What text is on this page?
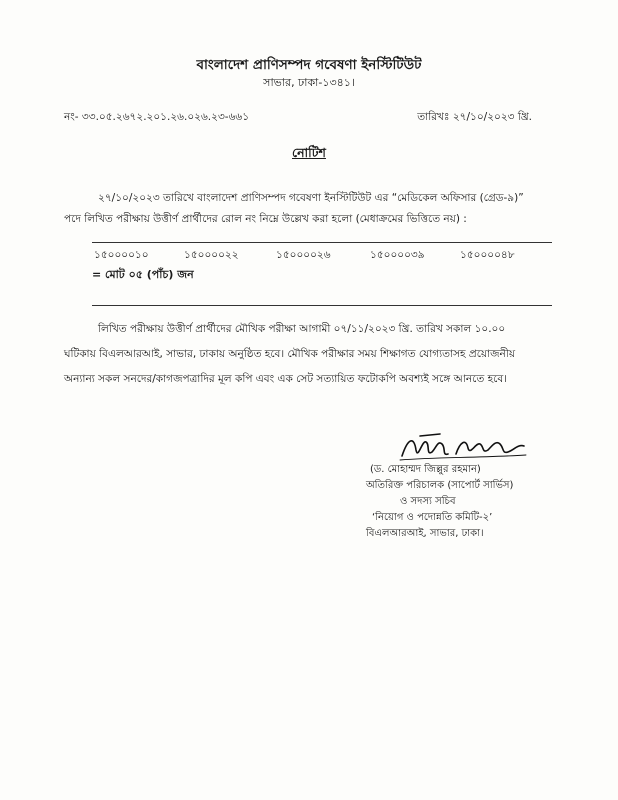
বাংলাদেশ প্রাণিসম্পদ গবেষণা ইনস্টিটিউট
সাভার, ঢাকা-১৩৪১।
নং- ৩৩.০৫.২৬৭২.২০১.২৬.০২৬.২৩-৬৬১	তারিখঃ ২৭/১০/২০২৩ খ্রি.
নোটিশ
২৭/১০/২০২৩ তারিখে বাংলাদেশ প্রাণিসম্পদ গবেষণা ইনস্টিটিউট এর “মেডিকেল অফিসার (গ্রেড-৯)”
পদে লিখিত পরীক্ষায় উত্তীর্ণ প্রার্থীদের রোল নং নিম্নে উল্লেখ করা হলো (মেধাক্রমের ভিত্তিতে নয়) :
১৫০০০০১০	১৫০০০০২২	১৫০০০০২৬	১৫০০০০৩৯	১৫০০০০৪৮
= মোট ০৫ (পাঁচ) জন
লিখিত পরীক্ষায় উত্তীর্ণ প্রার্থীদের মৌখিক পরীক্ষা আগামী ০৭/১১/২০২৩ খ্রি. তারিখ সকাল ১০.০০
ঘটিকায় বিএলআরআই, সাভার, ঢাকায় অনুষ্ঠিত হবে। মৌখিক পরীক্ষার সময় শিক্ষাগত যোগ্যতাসহ প্রয়োজনীয়
অন্যান্য সকল সনদের/কাগজপত্রাদির মূল কপি এবং এক সেট সত্যায়িত ফটোকপি অবশ্যই সঙ্গে আনতে হবে।
(ড. মোহাম্মদ জিল্লুর রহমান)
অতিরিক্ত পরিচালক (সাপোর্ট সার্ভিস)
ও সদস্য সচিব
‘নিয়োগ ও পদোন্নতি কমিটি-২’
বিএলআরআই, সাভার, ঢাকা।
